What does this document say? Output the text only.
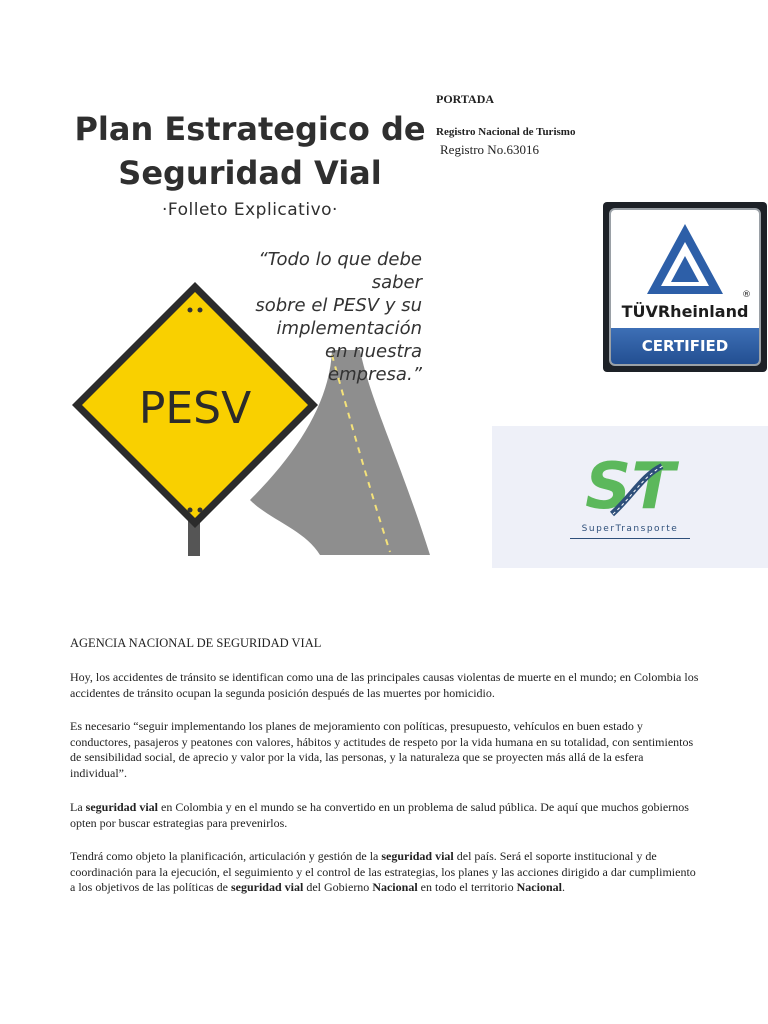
PORTADA
Registro Nacional de Turismo
Registro No.63016
PESV
Plan Estrategico de
Seguridad Vial
·Folleto Explicativo·
“Todo lo que debe
saber
sobre el PESV y su
implementación
en nuestra
empresa.”
®
TÜVRheinland
CERTIFIED
ST
SuperTransporte
AGENCIA NACIONAL DE SEGURIDAD VIAL
Hoy, los accidentes de tránsito se identifican como una de las principales causas violentas de muerte en el mundo; en Colombia los accidentes de tránsito ocupan la segunda posición después de las muertes por homicidio.
Es necesario “seguir implementando los planes de mejoramiento con políticas, presupuesto, vehículos en buen estado y conductores, pasajeros y peatones con valores, hábitos y actitudes de respeto por la vida humana en su totalidad, con sentimientos de sensibilidad social, de aprecio y valor por la vida, las personas, y la naturaleza que se proyecten más allá de la esfera individual”.
La seguridad vial en Colombia y en el mundo se ha convertido en un problema de salud pública. De aquí que muchos gobiernos opten por buscar estrategias para prevenirlos.
Tendrá como objeto la planificación, articulación y gestión de la seguridad vial del país. Será el soporte institucional y de coordinación para la ejecución, el seguimiento y el control de las estrategias, los planes y las acciones dirigido a dar cumplimiento a los objetivos de las políticas de seguridad vial del Gobierno Nacional en todo el territorio Nacional.
